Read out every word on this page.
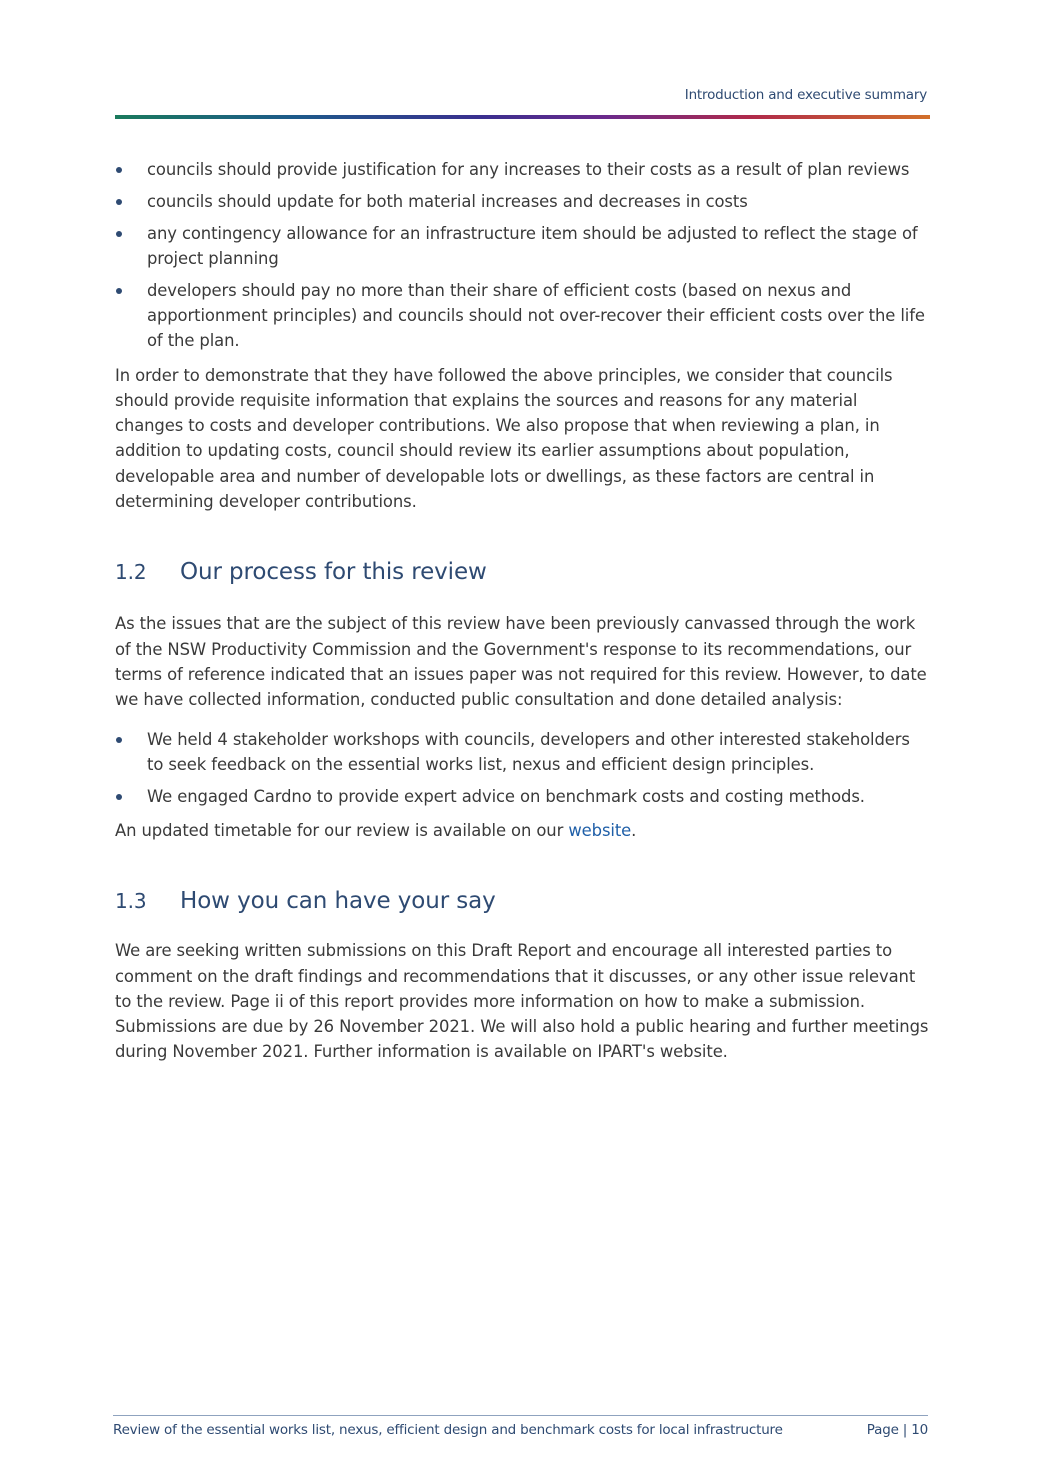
Introduction and executive summary
councils should provide justification for any increases to their costs as a result of plan reviews
councils should update for both material increases and decreases in costs
any contingency allowance for an infrastructure item should be adjusted to reflect the stage of project planning
developers should pay no more than their share of efficient costs (based on nexus and apportionment principles) and councils should not over-recover their efficient costs over the life of the plan.

In order to demonstrate that they have followed the above principles, we consider that councils should provide requisite information that explains the sources and reasons for any material changes to costs and developer contributions. We also propose that when reviewing a plan, in addition to updating costs, council should review its earlier assumptions about population, developable area and number of developable lots or dwellings, as these factors are central in determining developer contributions.

1.2	Our process for this review

As the issues that are the subject of this review have been previously canvassed through the work of the NSW Productivity Commission and the Government's response to its recommendations, our terms of reference indicated that an issues paper was not required for this review. However, to date we have collected information, conducted public consultation and done detailed analysis:

We held 4 stakeholder workshops with councils, developers and other interested stakeholders to seek feedback on the essential works list, nexus and efficient design principles.
We engaged Cardno to provide expert advice on benchmark costs and costing methods.

An updated timetable for our review is available on our website.

1.3	How you can have your say

We are seeking written submissions on this Draft Report and encourage all interested parties to comment on the draft findings and recommendations that it discusses, or any other issue relevant to the review. Page ii of this report provides more information on how to make a submission. Submissions are due by 26 November 2021. We will also hold a public hearing and further meetings during November 2021. Further information is available on IPART's website.

Review of the essential works list, nexus, efficient design and benchmark costs for local infrastructure	Page | 10
